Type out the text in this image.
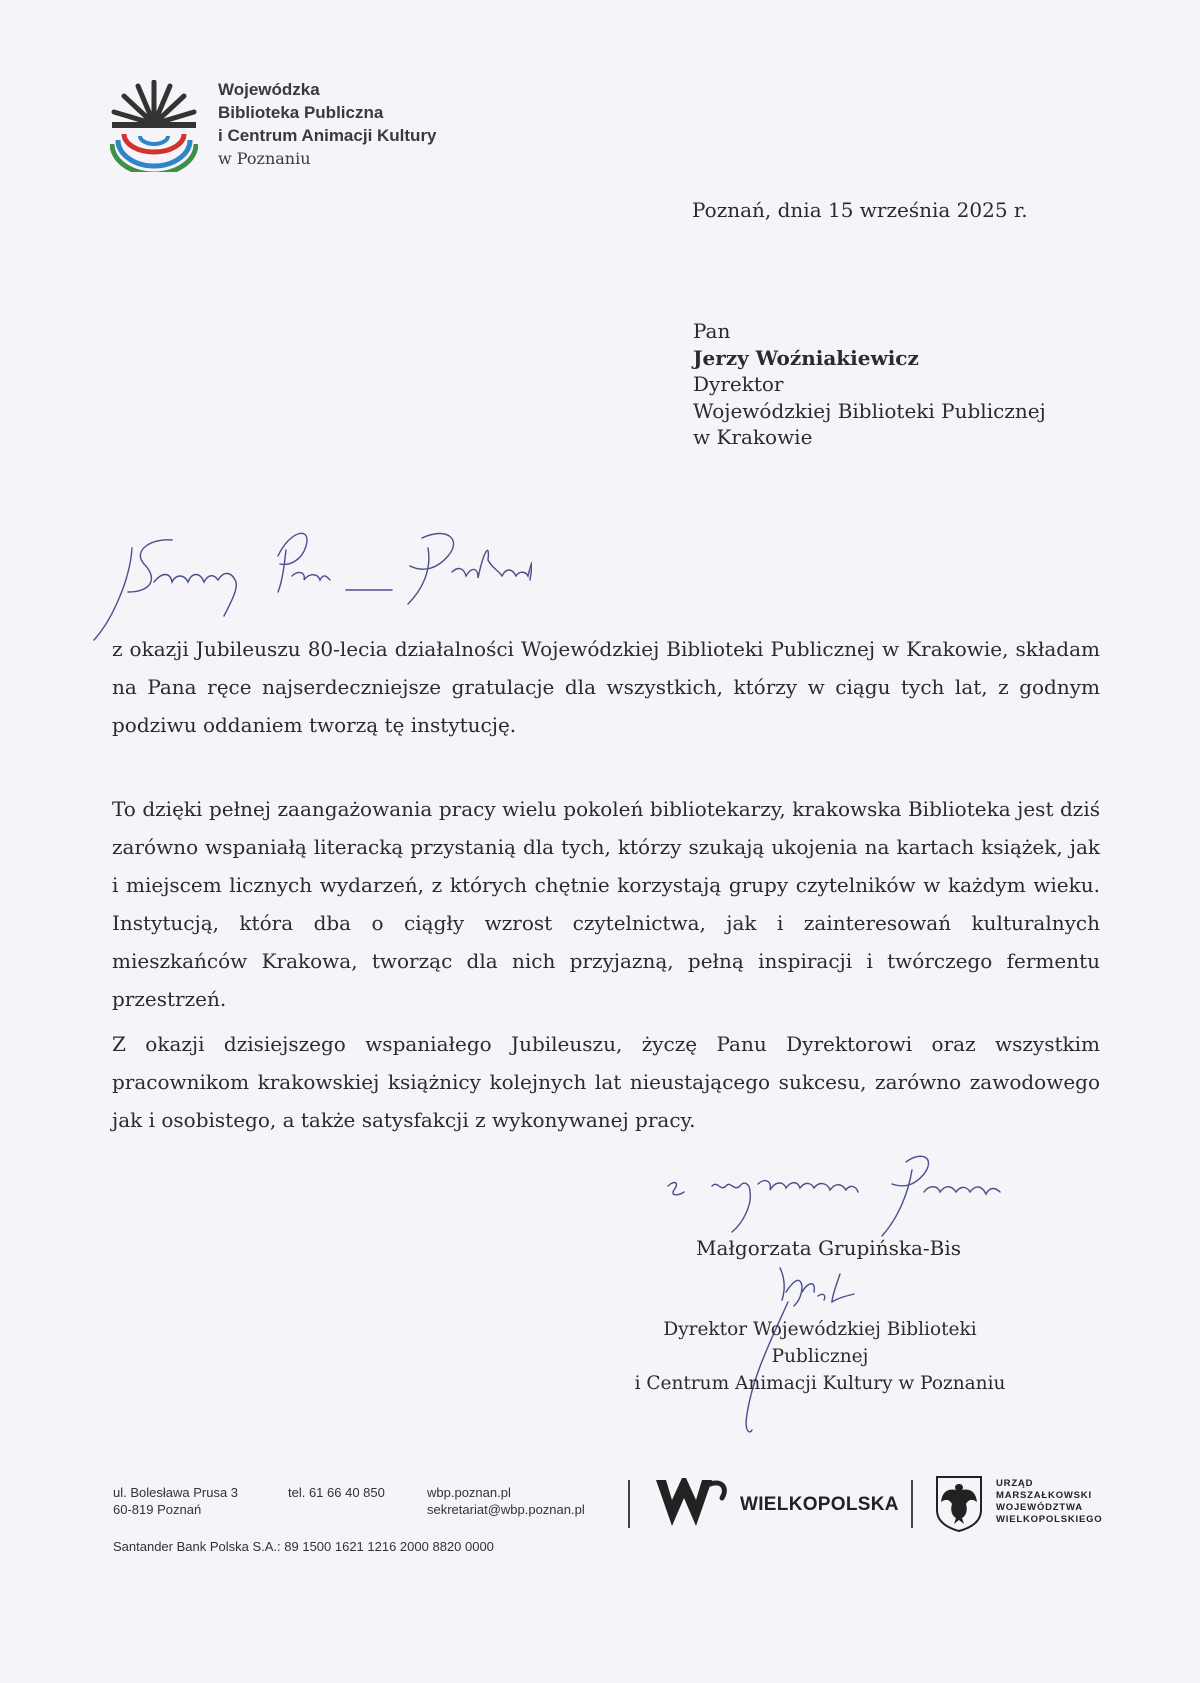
Wojewódzka
Biblioteka Publiczna
i Centrum Animacji Kultury
w Poznaniu
Poznań, dnia 15 września 2025 r.
Pan
Jerzy Woźniakiewicz
Dyrektor
Wojewódzkiej Biblioteki Publicznej
w Krakowie
z okazji Jubileuszu 80-lecia działalności Wojewódzkiej Biblioteki Publicznej w Krakowie, składam na Pana ręce najserdeczniejsze gratulacje dla wszystkich, którzy w ciągu tych lat, z godnym podziwu oddaniem tworzą tę instytucję.
To dzięki pełnej zaangażowania pracy wielu pokoleń bibliotekarzy, krakowska Biblioteka jest dziś zarówno wspaniałą literacką przystanią dla tych, którzy szukają ukojenia na kartach książek, jak i miejscem licznych wydarzeń, z których chętnie korzystają grupy czytelników w każdym wieku. Instytucją, która dba o ciągły wzrost czytelnictwa, jak i zainteresowań kulturalnych mieszkańców Krakowa, tworząc dla nich przyjazną, pełną inspiracji i twórczego fermentu przestrzeń.
Z okazji dzisiejszego wspaniałego Jubileuszu, życzę Panu Dyrektorowi oraz wszystkim pracownikom krakowskiej książnicy kolejnych lat nieustającego sukcesu, zarówno zawodowego jak i osobistego, a także satysfakcji z wykonywanej pracy.
Małgorzata Grupińska-Bis
Dyrektor Wojewódzkiej Biblioteki Publicznej
i Centrum Animacji Kultury w Poznaniu
ul. Bolesława Prusa 3
60-819 Poznań
tel. 61 66 40 850	wbp.poznan.pl
sekretariat@wbp.poznan.pl
Santander Bank Polska S.A.: 89 1500 1621 1216 2000 8820 0000
WIELKOPOLSKA
URZĄD
MARSZAŁKOWSKI
WOJEWÓDZTWA
WIELKOPOLSKIEGO
